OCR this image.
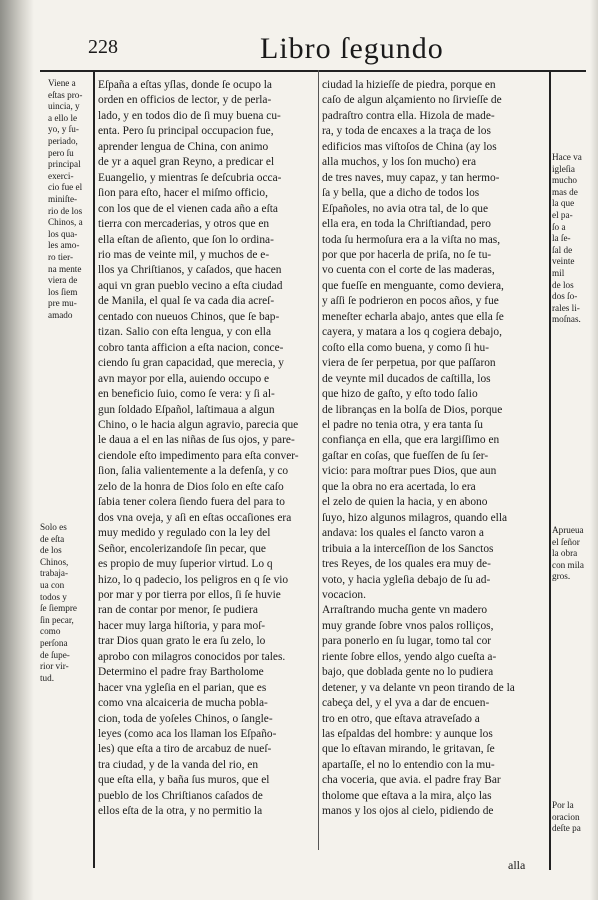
228	Libro ſegundo
Viene a
eſtas pro-
uincia, y
a ello le
yo, y ſu-
periado,
pero ſu
principal
exerci-
cio fue el
miniſte-
rio de los
Chinos, a
los qua-
les amo-
ro tier-
na mente
viera de
los ſiem
pre mu-
amado
Solo es
de eſta
de los
Chinos,
trabaja-
ua con
todos y
ſe ſiempre
ſin pecar,
como
perſona
de ſupe-
rior vir-
tud.
Hace va
igleſia
mucho
mas de
la que
el pa-
ſo a
la ſe-
ſal de
veinte
mil
de los
dos ſo-
rales li-
moſnas.
Aprueua
el ſeñor
la obra
con mila
gros.
Por la
oracion
deſte pa
Eſpaña a eſtas yſlas, donde ſe ocupo la
orden en officios de lector, y de perla-
lado, y en todos dio de ſi muy buena cu-
enta. Pero ſu principal occupacion fue,
aprender lengua de China, con animo
de yr a aquel gran Reyno, a predicar el
Euangelio, y mientras ſe deſcubria occa-
ſion para eſto, hacer el miſmo officio,
con los que de el vienen cada año a eſta
tierra con mercaderias, y otros que en
ella eſtan de aſiento, que ſon lo ordina-
rio mas de veinte mil, y muchos de e-
llos ya Chriſtianos, y caſados, que hacen
aqui vn gran pueblo vecino a eſta ciudad
de Manila, el qual ſe va cada dia acreſ-
centado con nueuos Chinos, que ſe bap-
tizan. Salio con eſta lengua, y con ella
cobro tanta afficion a eſta nacion, conce-
ciendo ſu gran capacidad, que merecia, y
avn mayor por ella, auiendo occupo e
en beneficio ſuio, como ſe vera: y ſi al-
gun ſoldado Eſpañol, laſtimaua a algun
Chino, o le hacia algun agravio, parecia que
le daua a el en las niñas de ſus ojos, y pare-
ciendole eſto impedimento para eſta conver-
ſion, ſalia valientemente a la defenſa, y co
zelo de la honra de Dios ſolo en eſte caſo
ſabia tener colera ſiendo fuera del para to
dos vna oveja, y aſi en eſtas occaſiones era
muy medido y regulado con la ley del
Señor, encolerizandoſe ſin pecar, que
es propio de muy ſuperior virtud. Lo q
hizo, lo q padecio, los peligros en q ſe vio
por mar y por tierra por ellos, ſi ſe huvie
ran de contar por menor, ſe pudiera
hacer muy larga hiſtoria, y para moſ-
trar Dios quan grato le era ſu zelo, lo
aprobo con milagros conocidos por tales.
Determino el padre fray Bartholome
hacer vna ygleſia en el parian, que es
como vna alcaiceria de mucha pobla-
cion, toda de yoſeles Chinos, o ſangle-
leyes (como aca los llaman los Eſpaño-
les) que eſta a tiro de arcabuz de nueſ-
tra ciudad, y de la vanda del rio, en
que eſta ella, y baña ſus muros, que el
pueblo de los Chriſtianos caſados de
ellos eſta de la otra, y no permitio la
ciudad la hizieſſe de piedra, porque en
caſo de algun alçamiento no ſirvieſſe de
padraſtro contra ella. Hizola de made-
ra, y toda de encaxes a la traça de los
edificios mas viſtoſos de China (ay los
alla muchos, y los ſon mucho) era
de tres naves, muy capaz, y tan hermo-
ſa y bella, que a dicho de todos los
Eſpañoles, no avia otra tal, de lo que
ella era, en toda la Chriſtiandad, pero
toda ſu hermoſura era a la viſta no mas,
por que por hacerla de priſa, no ſe tu-
vo cuenta con el corte de las maderas,
que fueſſe en menguante, como deviera,
y aſſi ſe podrieron en pocos años, y fue
meneſter echarla abajo, antes que ella ſe
cayera, y matara a los q cogiera debajo,
coſto ella como buena, y como ſi hu-
viera de ſer perpetua, por que paſſaron
de veynte mil ducados de caſtilla, los
que hizo de gaſto, y eſto todo ſalio
de libranças en la bolſa de Dios, porque
el padre no tenia otra, y era tanta ſu
confiança en ella, que era largiſſimo en
gaſtar en coſas, que fueſſen de ſu ſer-
vicio: para moſtrar pues Dios, que aun
que la obra no era acertada, lo era
el zelo de quien la hacia, y en abono
ſuyo, hizo algunos milagros, quando ella
andava: los quales el ſancto varon a
tribuia a la interceſſion de los Sanctos
tres Reyes, de los quales era muy de-
voto, y hacia ygleſia debajo de ſu ad-
vocacion.
Arraſtrando mucha gente vn madero
muy grande ſobre vnos palos rolliços,
para ponerlo en ſu lugar, tomo tal cor
riente ſobre ellos, yendo algo cueſta a-
bajo, que doblada gente no lo pudiera
detener, y va delante vn peon tirando de la
cabeça del, y el yva a dar de encuen-
tro en otro, que eſtava atraveſado a
las eſpaldas del hombre: y aunque los
que lo eſtavan mirando, le gritavan, ſe
apartaſſe, el no lo entendio con la mu-
cha voceria, que avia. el padre fray Bar
tholome que eſtava a la mira, alço las
manos y los ojos al cielo, pidiendo de
alla
